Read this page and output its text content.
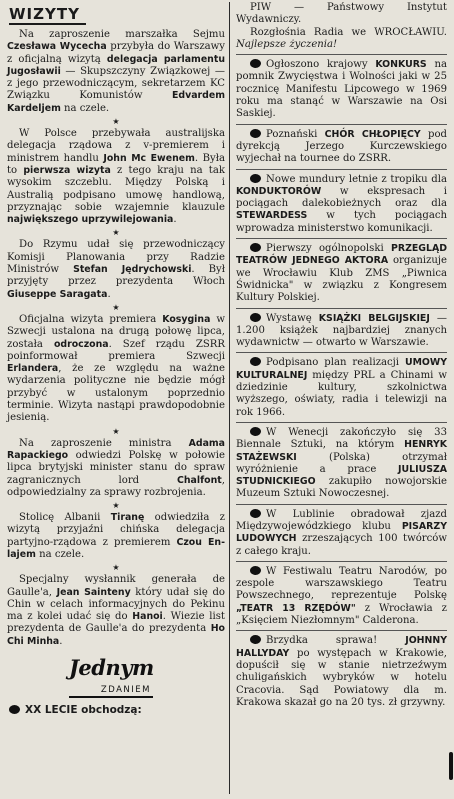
WIZYTY

Na zaproszenie marszałka Sejmu Czesława Wycecha przybyła do Warszawy z oficjalną wizytą delegacja parlamentu Jugosławii — Skupszczyny Związkowej — z jego przewodniczącym, sekretarzem KC Związku Komunistów Edvardem Kardeljem na czele.

★

W Polsce przebywała australijska delegacja rządowa z v-premierem i ministrem handlu John Mc Ewenem. Była to pierwsza wizyta z tego kraju na tak wysokim szczeblu. Między Polską i Australią podpisano umowę handlową, przyznając sobie wzajemnie klauzule największego uprzywilejowania.

★

Do Rzymu udał się przewodniczący Komisji Planowania przy Radzie Ministrów Stefan Jędrychowski. Był przyjęty przez prezydenta Włoch Giuseppe Saragata.

★

Oficjalna wizyta premiera Kosygina w Szwecji ustalona na drugą połowę lipca, została odroczona. Szef rządu ZSRR poinformował premiera Szwecji Erlandera, że ze względu na ważne wydarzenia polityczne nie będzie mógł przybyć w ustalonym poprzednio terminie. Wizyta nastąpi prawdopodobnie jesienią.

★

Na zaproszenie ministra Adama Rapackiego odwiedzi Polskę w połowie lipca brytyjski minister stanu do spraw zagranicznych lord Chalfont, odpowiedzialny za sprawy rozbrojenia.

★

Stolicę Albanii Tiranę odwiedziła z wizytą przyjaźni chińska delegacja partyjno-rządowa z premierem Czou En-lajem na czele.

★

Specjalny wysłannik generała de Gaulle'a, Jean Sainteny który udał się do Chin w celach informacyjnych do Pekinu ma z kolei udać się do Hanoi. Wiezie list prezydenta de Gaulle'a do prezydenta Ho Chi Minha.

Jednym
ZDANIEM
XX LECIE obchodzą:

PIW — Państwowy Instytut Wydawniczy.
Rozgłośnia Radia we WROCŁAWIU. Najlepsze życzenia!

Ogłoszono krajowy KONKURS na pomnik Zwycięstwa i Wolności jaki w 25 rocznicę Manifestu Lipcowego w 1969 roku ma stanąć w Warszawie na Osi Saskiej.

Poznański CHÓR CHŁOPIĘCY pod dyrekcją Jerzego Kurczewskiego wyjechał na tournee do ZSRR.

Nowe mundury letnie z tropiku dla KONDUKTORÓW w ekspresach i pociągach dalekobieżnych oraz dla STEWARDESS w tych pociągach wprowadza ministerstwo komunikacji.

Pierwszy ogólnopolski PRZEGLĄD TEATRÓW JEDNEGO AKTORA organizuje we Wrocławiu Klub ZMS „Piwnica Świdnicka" w związku z Kongresem Kultury Polskiej.

Wystawę KSIĄŻKI BELGIJSKIEJ — 1.200 książek najbardziej znanych wydawnictw — otwarto w Warszawie.

Podpisano plan realizacji UMOWY KULTURALNEJ między PRL a Chinami w dziedzinie kultury, szkolnictwa wyższego, oświaty, radia i telewizji na rok 1966.

W Wenecji zakończyło się 33 Biennale Sztuki, na którym HENRYK STAŻEWSKI (Polska) otrzymał wyróżnienie a prace JULIUSZA STUDNICKIEGO zakupiło nowojorskie Muzeum Sztuki Nowoczesnej.

W Lublinie obradował zjazd Międzywojewódzkiego klubu PISARZY LUDOWYCH zrzeszających 100 twórców z całego kraju.

W Festiwalu Teatru Narodów, po zespole warszawskiego Teatru Powszechnego, reprezentuje Polskę „TEATR 13 RZĘDÓW" z Wrocławia z „Księciem Niezłomnym" Calderona.

Brzydka sprawa! JOHNNY HALLYDAY po występach w Krakowie, dopuścił się w stanie nietrzeźwym chuligańskich wybryków w hotelu Cracovia. Sąd Powiatowy dla m. Krakowa skazał go na 20 tys. zł grzywny.
